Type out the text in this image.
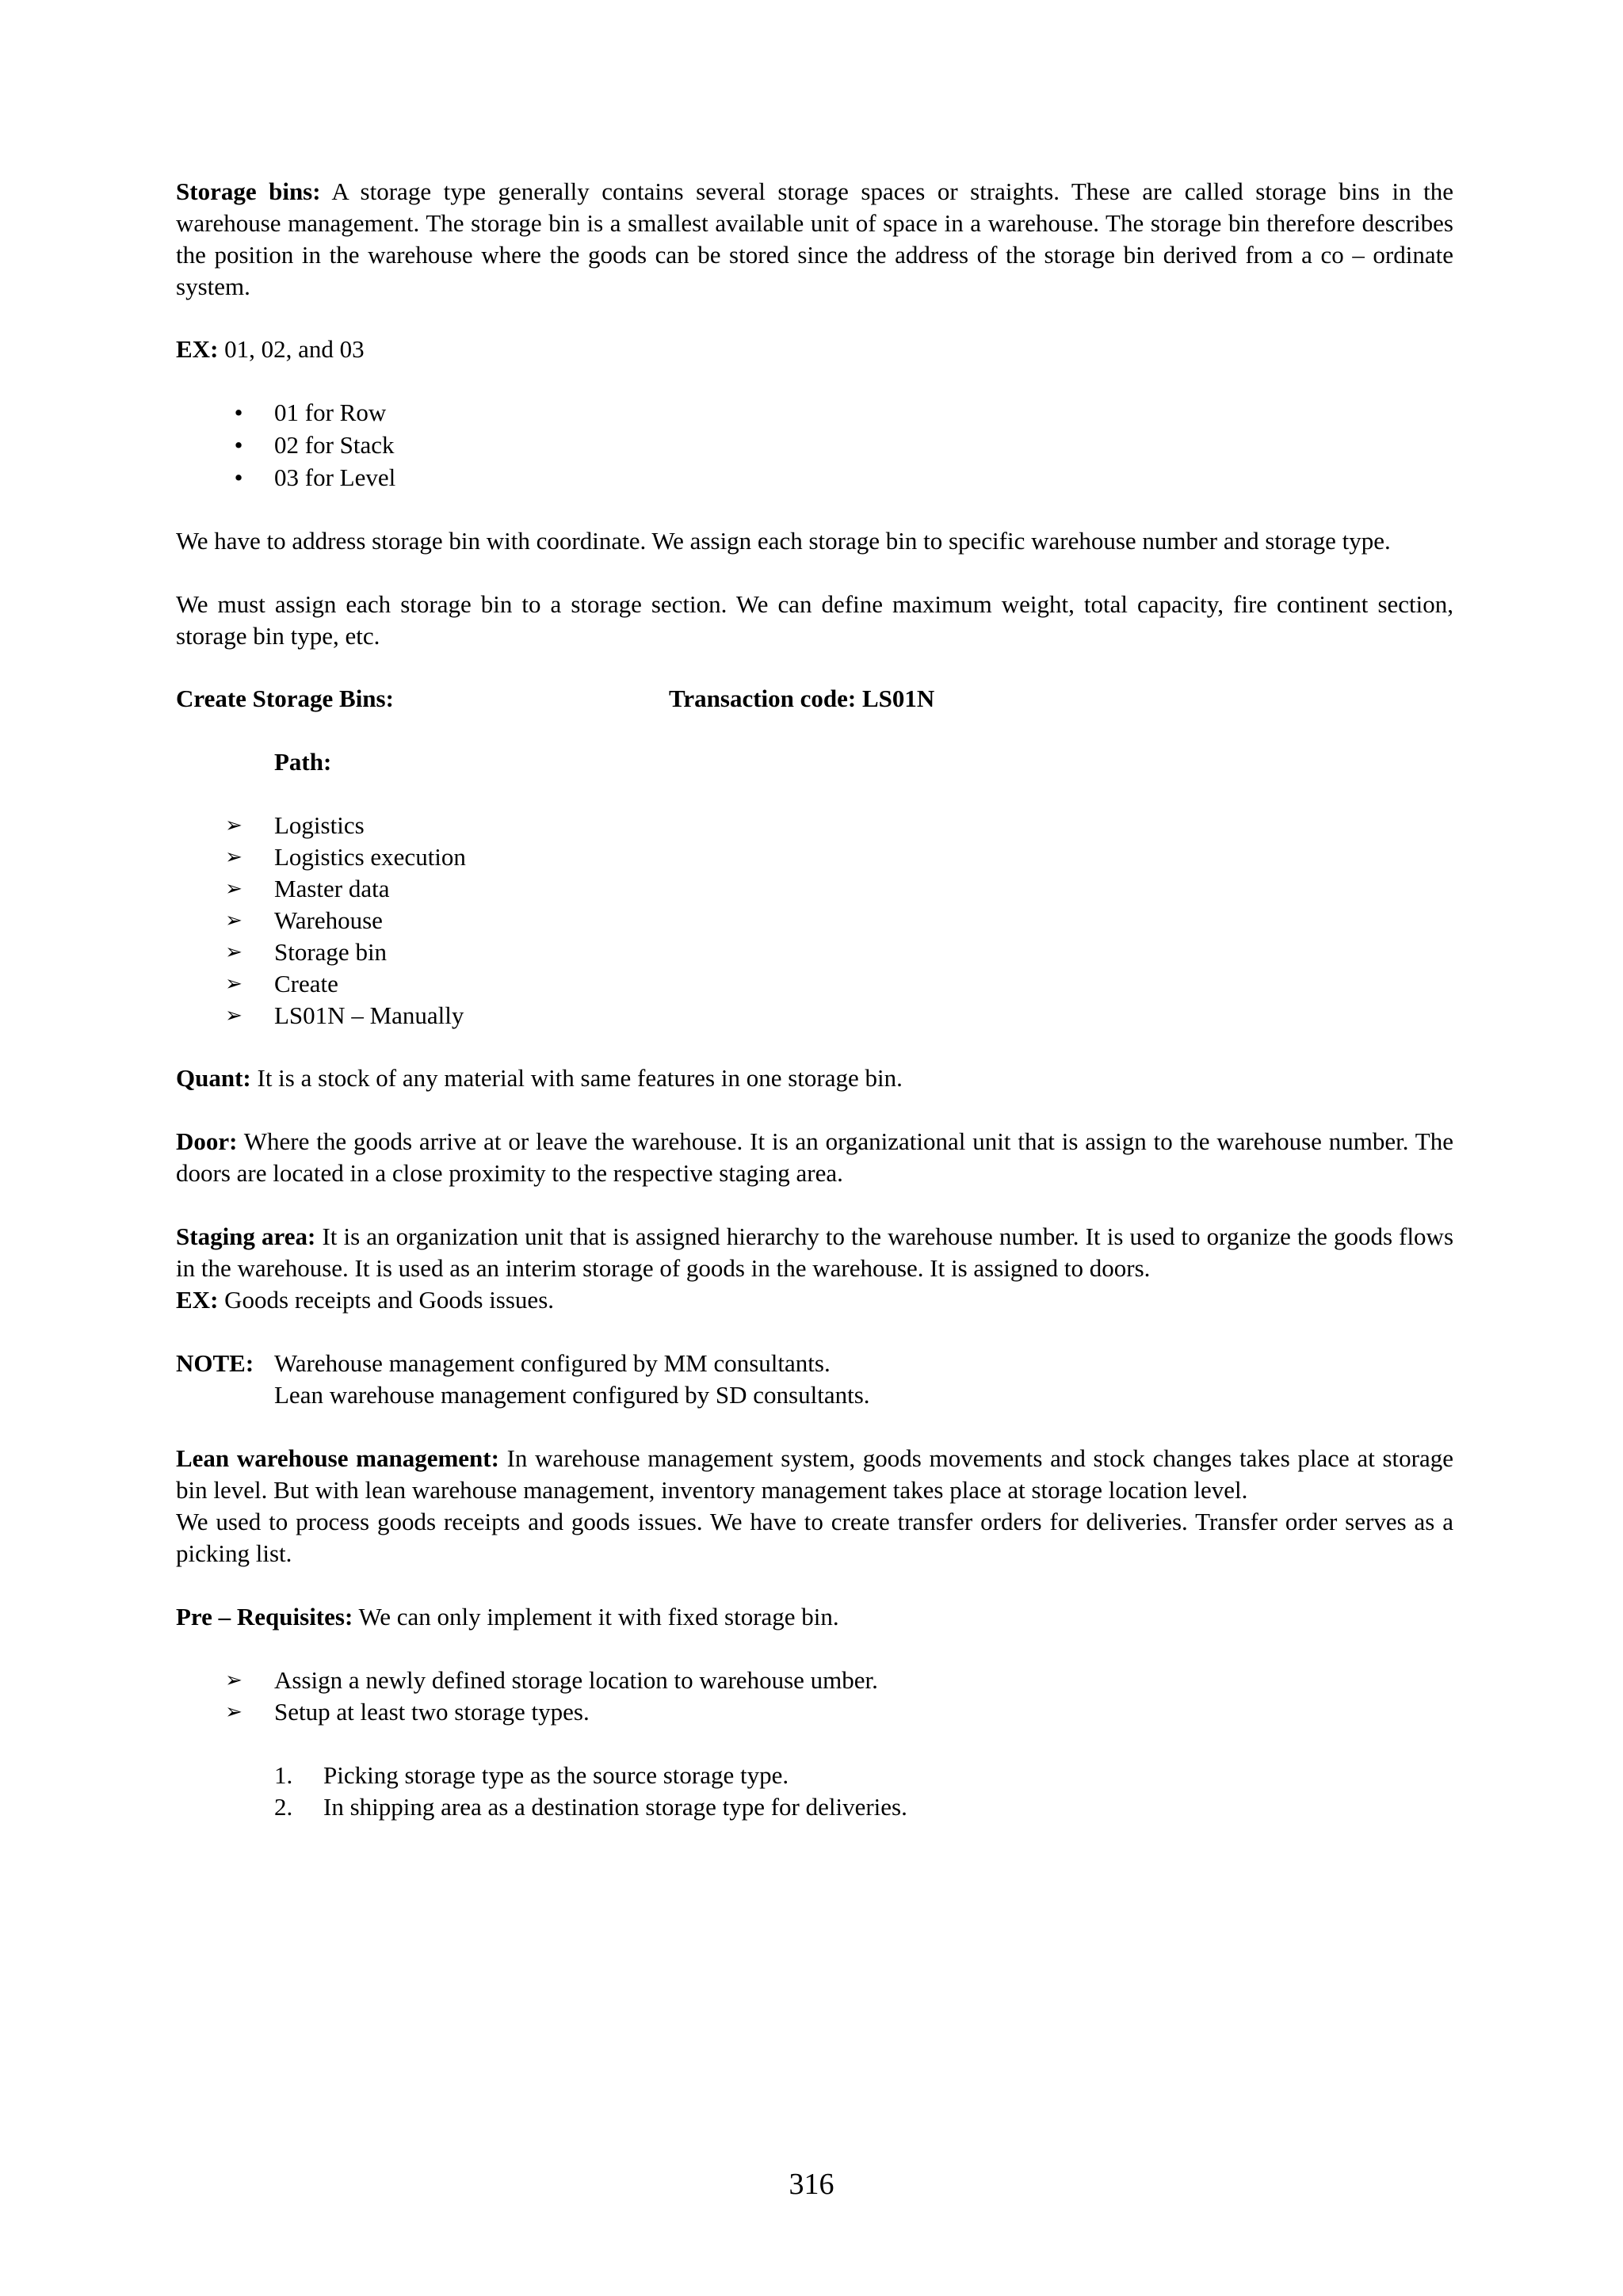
Storage bins: A storage type generally contains several storage spaces or straights. These are called storage bins in the warehouse management. The storage bin is a smallest available unit of space in a warehouse. The storage bin therefore describes the position in the warehouse where the goods can be stored since the address of the storage bin derived from a co – ordinate system.

EX: 01, 02, and 03

•	01 for Row
•	02 for Stack
•	03 for Level

We have to address storage bin with coordinate. We assign each storage bin to specific warehouse number and storage type.

We must assign each storage bin to a storage section. We can define maximum weight, total capacity, fire continent section, storage bin type, etc.

Create Storage Bins:	Transaction code: LS01N
Path:
➢ Logistics
➢ Logistics execution
➢ Master data
➢ Warehouse
➢ Storage bin
➢ Create
➢ LS01N – Manually

Quant: It is a stock of any material with same features in one storage bin.

Door: Where the goods arrive at or leave the warehouse. It is an organizational unit that is assign to the warehouse number. The doors are located in a close proximity to the respective staging area.

Staging area: It is an organization unit that is assigned hierarchy to the warehouse number. It is used to organize the goods flows in the warehouse. It is used as an interim storage of goods in the warehouse. It is assigned to doors.

EX: Goods receipts and Goods issues.

NOTE: Warehouse management configured by MM consultants.
Lean warehouse management configured by SD consultants.

Lean warehouse management: In warehouse management system, goods movements and stock changes takes place at storage bin level. But with lean warehouse management, inventory management takes place at storage location level.

We used to process goods receipts and goods issues. We have to create transfer orders for deliveries. Transfer order serves as a picking list.

Pre – Requisites: We can only implement it with fixed storage bin.

➢ Assign a newly defined storage location to warehouse umber.
➢ Setup at least two storage types.
1. Picking storage type as the source storage type.
2. In shipping area as a destination storage type for deliveries.
316
